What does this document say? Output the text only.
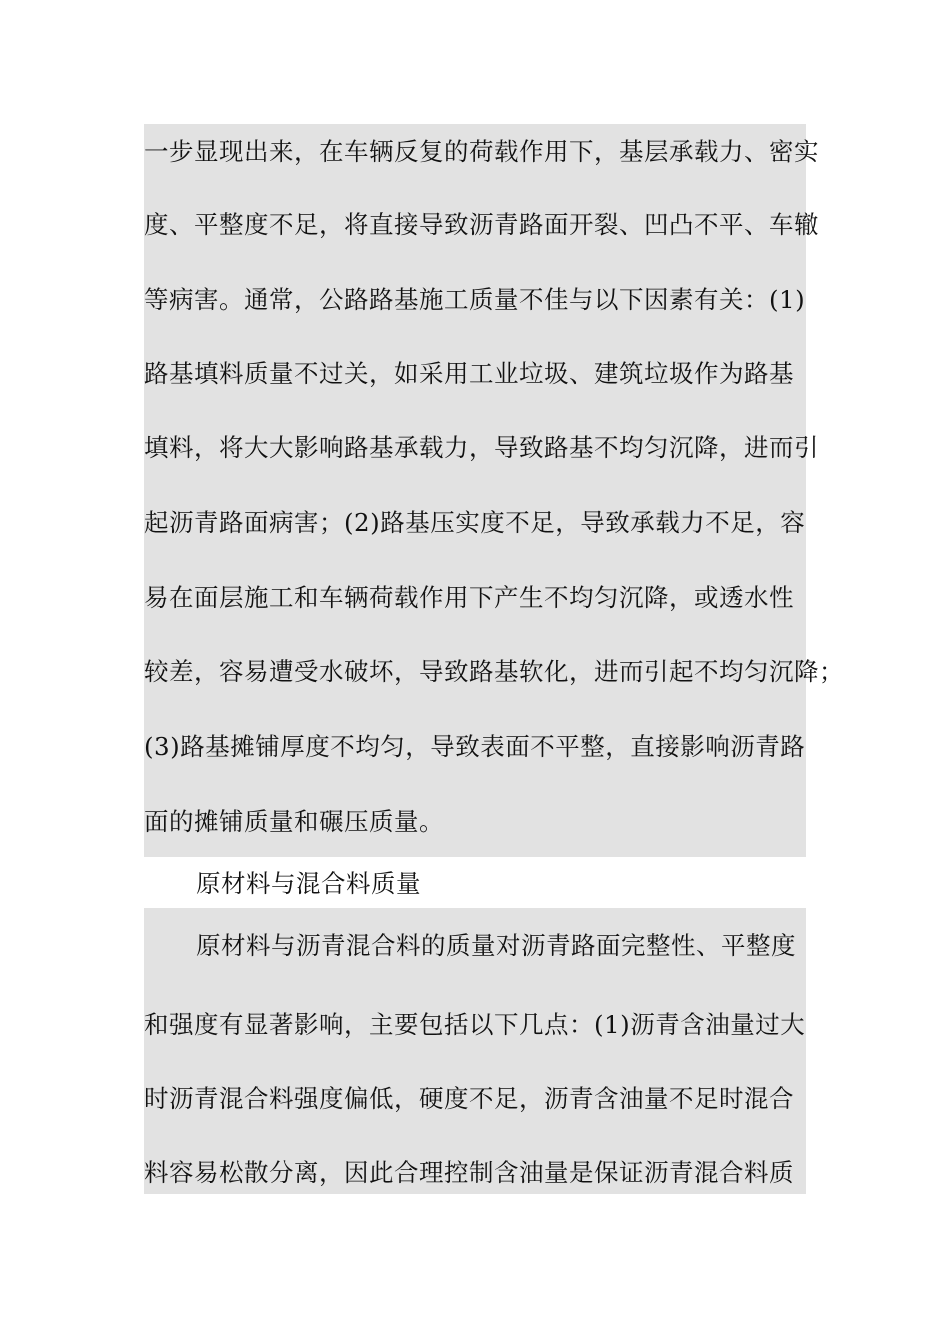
一步显现出来，在车辆反复的荷载作用下，基层承载力、密实
度、平整度不足，将直接导致沥青路面开裂、凹凸不平、车辙
等病害。通常，公路路基施工质量不佳与以下因素有关：(1)
路基填料质量不过关，如采用工业垃圾、建筑垃圾作为路基
填料，将大大影响路基承载力，导致路基不均匀沉降，进而引
起沥青路面病害；(2)路基压实度不足，导致承载力不足，容
易在面层施工和车辆荷载作用下产生不均匀沉降，或透水性
较差，容易遭受水破坏，导致路基软化，进而引起不均匀沉降；
(3)路基摊铺厚度不均匀，导致表面不平整，直接影响沥青路
面的摊铺质量和碾压质量。
原材料与混合料质量
原材料与沥青混合料的质量对沥青路面完整性、平整度
和强度有显著影响，主要包括以下几点：(1)沥青含油量过大
时沥青混合料强度偏低，硬度不足，沥青含油量不足时混合
料容易松散分离，因此合理控制含油量是保证沥青混合料质
